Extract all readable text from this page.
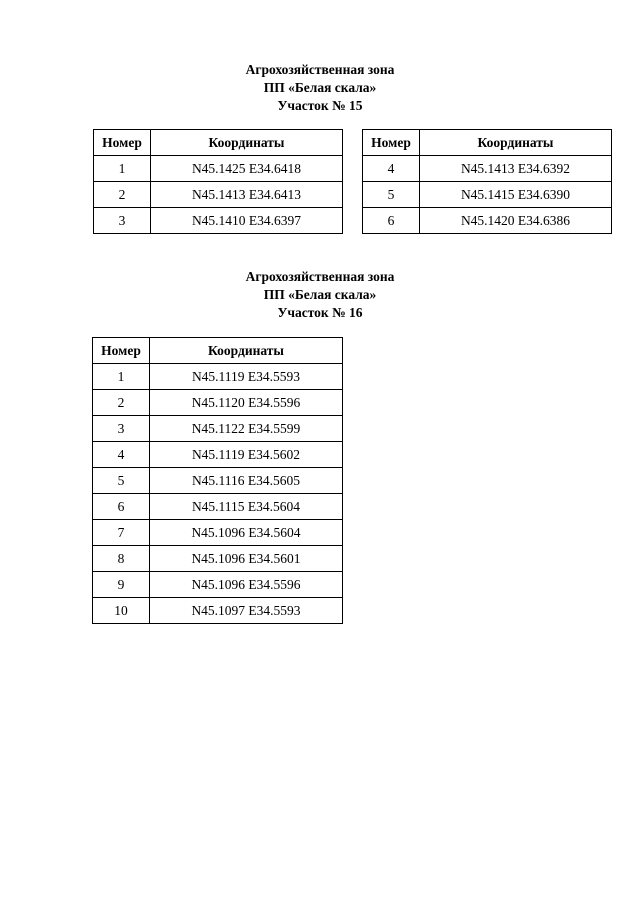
Агрохозяйственная зона
ПП «Белая скала»
Участок № 15
Номер	Координаты
1	N45.1425 E34.6418
2	N45.1413 E34.6413
3	N45.1410 E34.6397
Номер	Координаты
4	N45.1413 E34.6392
5	N45.1415 E34.6390
6	N45.1420 E34.6386
Агрохозяйственная зона
ПП «Белая скала»
Участок № 16
Номер	Координаты
1	N45.1119 E34.5593
2	N45.1120 E34.5596
3	N45.1122 E34.5599
4	N45.1119 E34.5602
5	N45.1116 E34.5605
6	N45.1115 E34.5604
7	N45.1096 E34.5604
8	N45.1096 E34.5601
9	N45.1096 E34.5596
10	N45.1097 E34.5593
